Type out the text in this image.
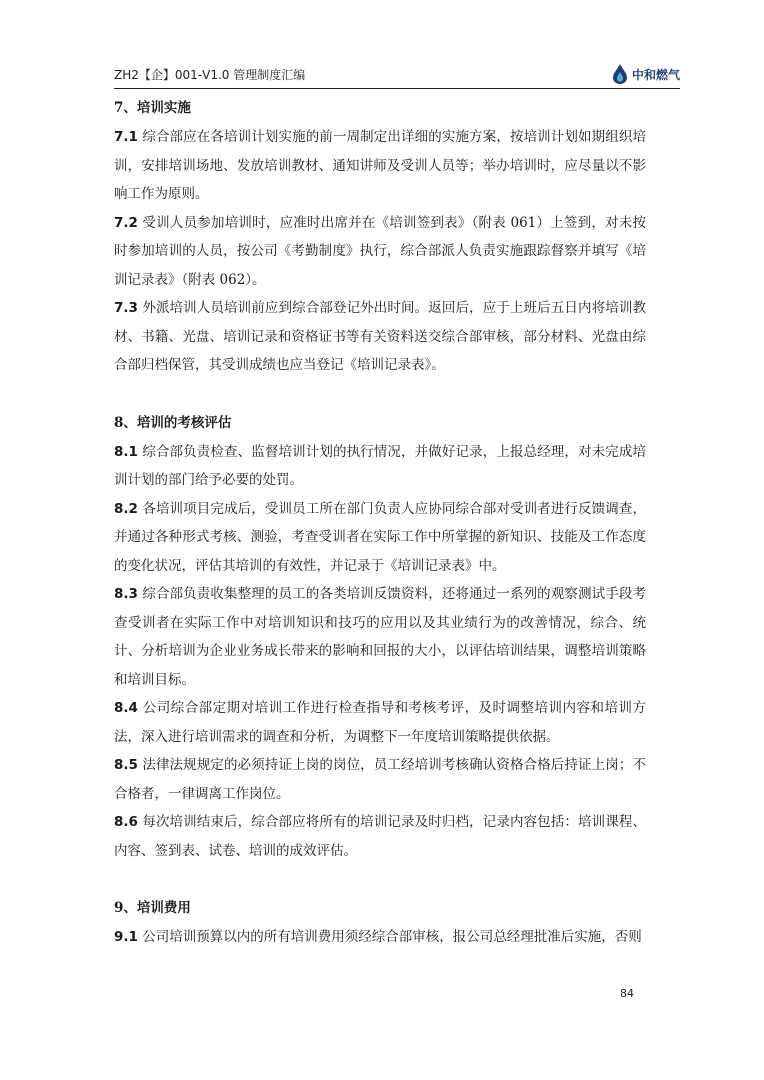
ZH2【企】001-V1.0 管理制度汇编	中和燃气
7、培训实施

7.1 综合部应在各培训计划实施的前一周制定出详细的实施方案，按培训计划如期组织培训，安排培训场地、发放培训教材、通知讲师及受训人员等；举办培训时，应尽量以不影响工作为原则。

7.2 受训人员参加培训时，应准时出席并在《培训签到表》（附表 061）上签到，对未按时参加培训的人员，按公司《考勤制度》执行，综合部派人负责实施跟踪督察并填写《培训记录表》（附表 062）。

7.3 外派培训人员培训前应到综合部登记外出时间。返回后，应于上班后五日内将培训教材、书籍、光盘、培训记录和资格证书等有关资料送交综合部审核，部分材料、光盘由综合部归档保管，其受训成绩也应当登记《培训记录表》。

8、培训的考核评估

8.1 综合部负责检查、监督培训计划的执行情况，并做好记录，上报总经理，对未完成培训计划的部门给予必要的处罚。

8.2 各培训项目完成后，受训员工所在部门负责人应协同综合部对受训者进行反馈调查，并通过各种形式考核、测验，考查受训者在实际工作中所掌握的新知识、技能及工作态度的变化状况，评估其培训的有效性，并记录于《培训记录表》中。

8.3 综合部负责收集整理的员工的各类培训反馈资料，还将通过一系列的观察测试手段考查受训者在实际工作中对培训知识和技巧的应用以及其业绩行为的改善情况，综合、统计、分析培训为企业业务成长带来的影响和回报的大小，以评估培训结果，调整培训策略和培训目标。

8.4 公司综合部定期对培训工作进行检查指导和考核考评，及时调整培训内容和培训方法，深入进行培训需求的调查和分析，为调整下一年度培训策略提供依据。

8.5 法律法规规定的必须持证上岗的岗位，员工经培训考核确认资格合格后持证上岗；不合格者，一律调离工作岗位。

8.6 每次培训结束后，综合部应将所有的培训记录及时归档，记录内容包括：培训课程、内容、签到表、试卷、培训的成效评估。

9、培训费用

9.1 公司培训预算以内的所有培训费用须经综合部审核，报公司总经理批准后实施，否则

84
